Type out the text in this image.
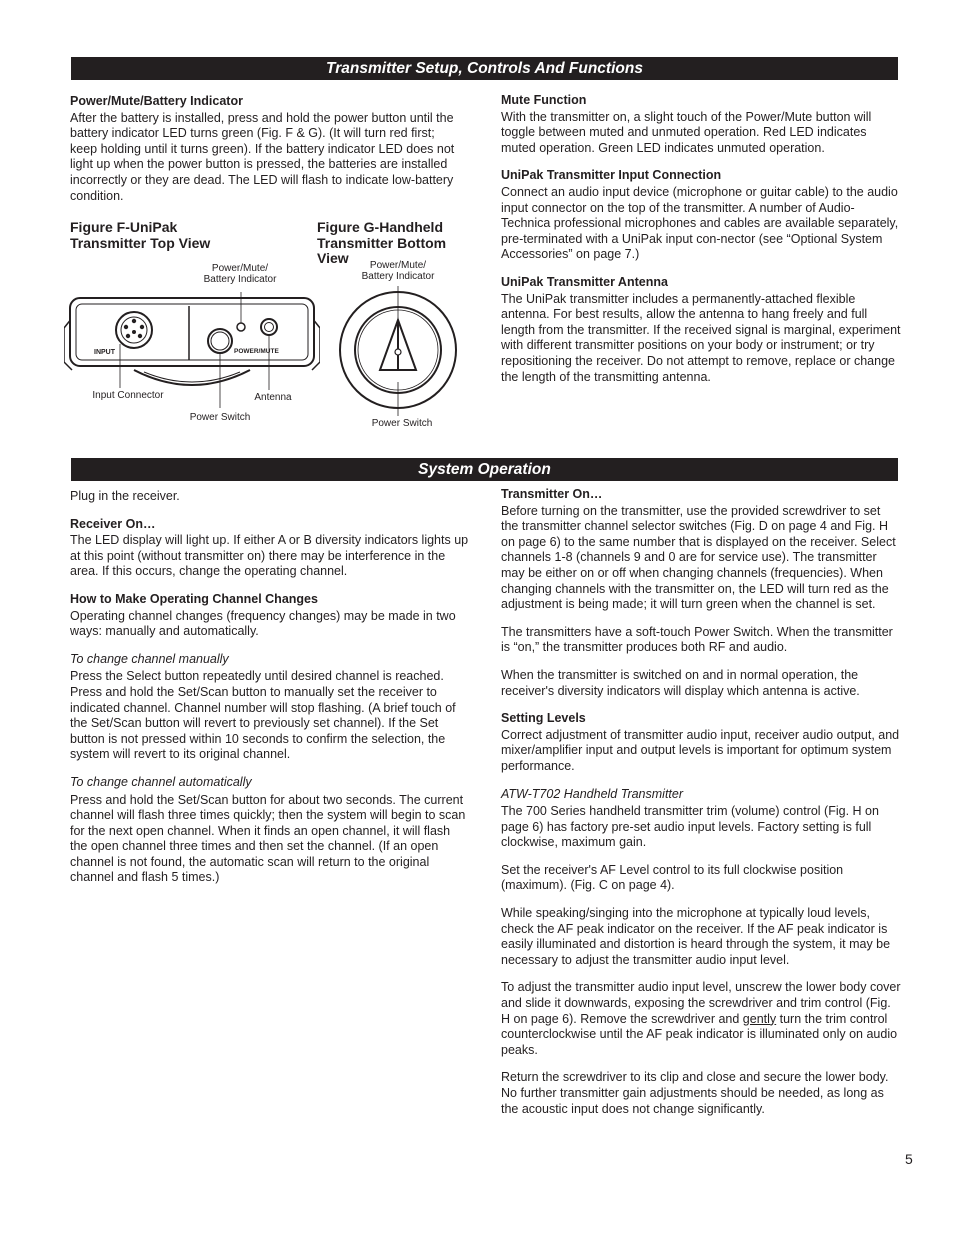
Transmitter Setup, Controls And Functions
Power/Mute/Battery Indicator

After the battery is installed, press and hold the power button until the battery indicator LED turns green (Fig. F & G). (It will turn red first; keep holding until it turns green). If the battery indicator LED does not light up when the power button is pressed, the batteries are installed incorrectly or they are dead. The LED will flash to indicate low-battery condition.

Figure F-UniPak
Transmitter Top View
Figure G-Handheld
Transmitter Bottom
View
Power/Mute/
Battery Indicator
Input Connector
Power Switch
Antenna
Power/Mute/
Battery Indicator
Power Switch
INPUT	POWER/MUTE
Mute Function

With the transmitter on, a slight touch of the Power/Mute button will toggle between muted and unmuted operation. Red LED indicates muted operation. Green LED indicates unmuted operation.

UniPak Transmitter Input Connection

Connect an audio input device (microphone or guitar cable) to the audio input connector on the top of the transmitter. A number of Audio-Technica professional microphones and cables are available separately, pre-terminated with a UniPak input con-nector (see “Optional System Accessories” on page 7.)

UniPak Transmitter Antenna

The UniPak transmitter includes a permanently-attached flexible antenna. For best results, allow the antenna to hang freely and full length from the transmitter. If the received signal is marginal, experiment with different transmitter positions on your body or instrument; or try repositioning the receiver. Do not attempt to remove, replace or change the length of the transmitting antenna.

System Operation

Plug in the receiver.

Receiver On…

The LED display will light up. If either A or B diversity indicators lights up at this point (without transmitter on) there may be interference in the area. If this occurs, change the operating channel.

How to Make Operating Channel Changes

Operating channel changes (frequency changes) may be made in two ways: manually and automatically.

To change channel manually

Press the Select button repeatedly until desired channel is reached. Press and hold the Set/Scan button to manually set the receiver to indicated channel. Channel number will stop flashing. (A brief touch of the Set/Scan button will revert to previously set channel). If the Set button is not pressed within 10 seconds to confirm the selection, the system will revert to its original channel.

To change channel automatically

Press and hold the Set/Scan button for about two seconds. The current channel will flash three times quickly; then the system will begin to scan for the next open channel. When it finds an open channel, it will flash the open channel three times and then set the channel. (If an open channel is not found, the automatic scan will return to the original channel and flash 5 times.)

Transmitter On…

Before turning on the transmitter, use the provided screwdriver to set the transmitter channel selector switches (Fig. D on page 4 and Fig. H on page 6) to the same number that is displayed on the receiver. Select channels 1-8 (channels 9 and 0 are for service use). The transmitter may be either on or off when changing channels (frequencies). When changing channels with the transmitter on, the LED will turn red as the adjustment is being made; it will turn green when the channel is set.

The transmitters have a soft-touch Power Switch. When the transmitter is “on,” the transmitter produces both RF and audio.

When the transmitter is switched on and in normal operation, the receiver's diversity indicators will display which antenna is active.

Setting Levels

Correct adjustment of transmitter audio input, receiver audio output, and mixer/amplifier input and output levels is important for optimum system performance.

ATW-T702 Handheld Transmitter

The 700 Series handheld transmitter trim (volume) control (Fig. H on page 6) has factory pre-set audio input levels. Factory setting is full clockwise, maximum gain.

Set the receiver's AF Level control to its full clockwise position (maximum). (Fig. C on page 4).

While speaking/singing into the microphone at typically loud levels, check the AF peak indicator on the receiver. If the AF peak indicator is easily illuminated and distortion is heard through the system, it may be necessary to adjust the transmitter audio input level.

To adjust the transmitter audio input level, unscrew the lower body cover and slide it downwards, exposing the screwdriver and trim control (Fig. H on page 6). Remove the screwdriver and gently turn the trim control counterclockwise until the AF peak indicator is illuminated only on audio peaks.

Return the screwdriver to its clip and close and secure the lower body. No further transmitter gain adjustments should be needed, as long as the acoustic input does not change significantly.

5
